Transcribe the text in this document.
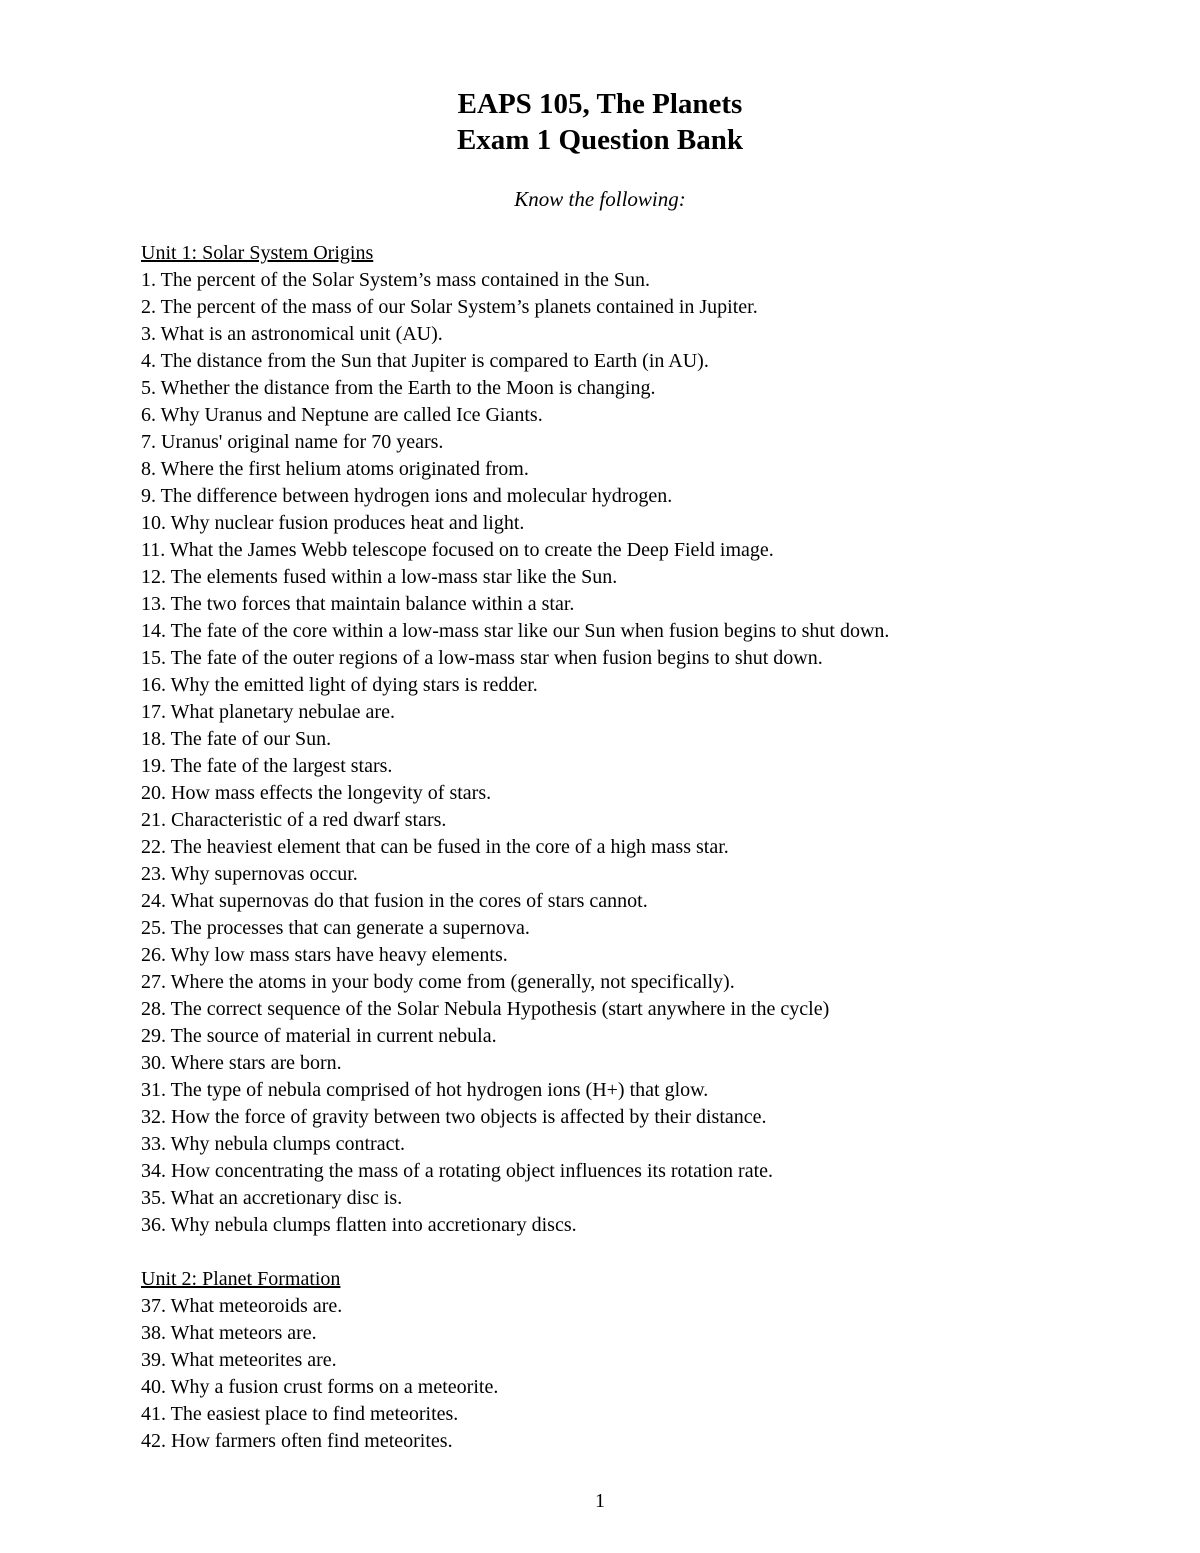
EAPS 105, The Planets

Exam 1 Question Bank

Know the following:
Unit 1: Solar System Origins
1. The percent of the Solar System’s mass contained in the Sun.
2. The percent of the mass of our Solar System’s planets contained in Jupiter.
3. What is an astronomical unit (AU).
4. The distance from the Sun that Jupiter is compared to Earth (in AU).
5. Whether the distance from the Earth to the Moon is changing.
6. Why Uranus and Neptune are called Ice Giants.
7. Uranus' original name for 70 years.
8. Where the first helium atoms originated from.
9. The difference between hydrogen ions and molecular hydrogen.
10. Why nuclear fusion produces heat and light.
11. What the James Webb telescope focused on to create the Deep Field image.
12. The elements fused within a low-mass star like the Sun.
13. The two forces that maintain balance within a star.
14. The fate of the core within a low-mass star like our Sun when fusion begins to shut down.
15. The fate of the outer regions of a low-mass star when fusion begins to shut down.
16. Why the emitted light of dying stars is redder.
17. What planetary nebulae are.
18. The fate of our Sun.
19. The fate of the largest stars.
20. How mass effects the longevity of stars.
21. Characteristic of a red dwarf stars.
22. The heaviest element that can be fused in the core of a high mass star.
23. Why supernovas occur.
24. What supernovas do that fusion in the cores of stars cannot.
25. The processes that can generate a supernova.
26. Why low mass stars have heavy elements.
27. Where the atoms in your body come from (generally, not specifically).
28. The correct sequence of the Solar Nebula Hypothesis (start anywhere in the cycle)
29. The source of material in current nebula.
30. Where stars are born.
31. The type of nebula comprised of hot hydrogen ions (H+) that glow.
32. How the force of gravity between two objects is affected by their distance.
33. Why nebula clumps contract.
34. How concentrating the mass of a rotating object influences its rotation rate.
35. What an accretionary disc is.
36. Why nebula clumps flatten into accretionary discs.
Unit 2: Planet Formation
37. What meteoroids are.
38. What meteors are.
39. What meteorites are.
40. Why a fusion crust forms on a meteorite.
41. The easiest place to find meteorites.
42. How farmers often find meteorites.
1
